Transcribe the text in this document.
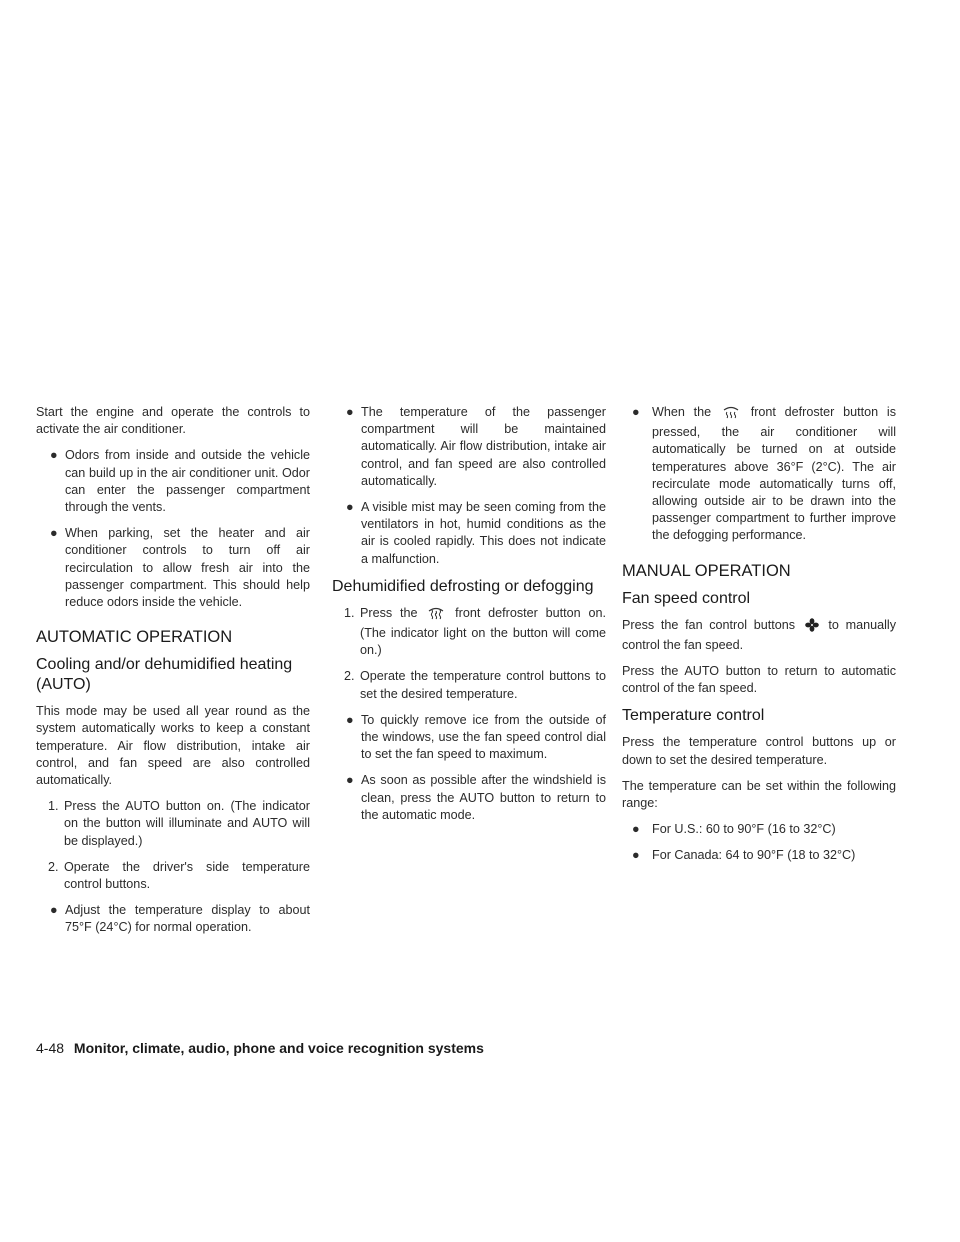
Start the engine and operate the controls to activate the air conditioner.

● Odors from inside and outside the vehicle can build up in the air conditioner unit. Odor can enter the passenger compartment through the vents.
● When parking, set the heater and air conditioner controls to turn off air recirculation to allow fresh air into the passenger compartment. This should help reduce odors inside the vehicle.
AUTOMATIC OPERATION
Cooling and/or dehumidified heating (AUTO)

This mode may be used all year round as the system automatically works to keep a constant temperature. Air flow distribution, intake air control, and fan speed are also controlled automatically.

1. Press the AUTO button on. (The indicator on the button will illuminate and AUTO will be displayed.)
2. Operate the driver's side temperature control buttons.
● Adjust the temperature display to about 75°F (24°C) for normal operation.
● The temperature of the passenger compartment will be maintained automatically. Air flow distribution, intake air control, and fan speed are also controlled automatically.
● A visible mist may be seen coming from the ventilators in hot, humid conditions as the air is cooled rapidly. This does not indicate a malfunction.
Dehumidified defrosting or defogging
1. Press the	front defroster button on. (The indicator light on the button will come on.)
2. Operate the temperature control buttons to set the desired temperature.
● To quickly remove ice from the outside of the windows, use the fan speed control dial to set the fan speed to maximum.
● As soon as possible after the windshield is clean, press the AUTO button to return to the automatic mode.
● When the	front defroster button is pressed, the air conditioner will automatically be turned on at outside temperatures above 36°F (2°C). The air recirculate mode automatically turns off, allowing outside air to be drawn into the passenger compartment to further improve the defogging performance.
MANUAL OPERATION
Fan speed control

Press the fan control buttons	to manually control the fan speed.

Press the AUTO button to return to automatic control of the fan speed.

Temperature control

Press the temperature control buttons up or down to set the desired temperature.

The temperature can be set within the following range:

● For U.S.: 60 to 90°F (16 to 32°C)
● For Canada: 64 to 90°F (18 to 32°C)
4-48 Monitor, climate, audio, phone and voice recognition systems
